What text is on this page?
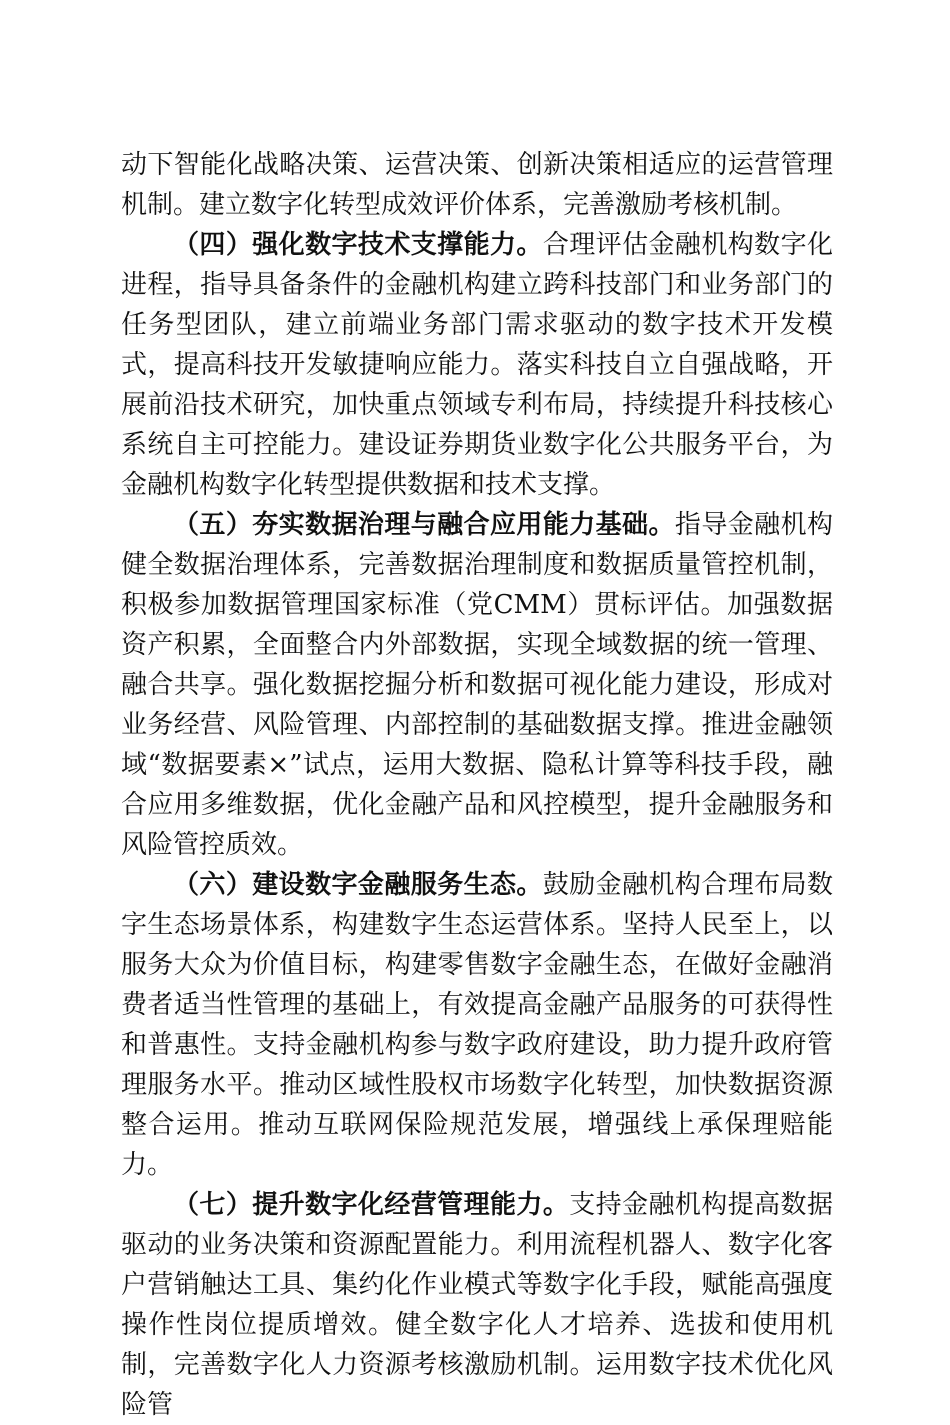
动下智能化战略决策、运营决策、创新决策相适应的运营管理机制。建立数字化转型成效评价体系，完善激励考核机制。

（四）强化数字技术支撑能力。合理评估金融机构数字化进程，指导具备条件的金融机构建立跨科技部门和业务部门的任务型团队，建立前端业务部门需求驱动的数字技术开发模式，提高科技开发敏捷响应能力。落实科技自立自强战略，开展前沿技术研究，加快重点领域专利布局，持续提升科技核心系统自主可控能力。建设证券期货业数字化公共服务平台，为金融机构数字化转型提供数据和技术支撑。

（五）夯实数据治理与融合应用能力基础。指导金融机构健全数据治理体系，完善数据治理制度和数据质量管控机制，积极参加数据管理国家标准（党CMM）贯标评估。加强数据资产积累，全面整合内外部数据，实现全域数据的统一管理、融合共享。强化数据挖掘分析和数据可视化能力建设，形成对业务经营、风险管理、内部控制的基础数据支撑。推进金融领域“数据要素×”试点，运用大数据、隐私计算等科技手段，融合应用多维数据，优化金融产品和风控模型，提升金融服务和风险管控质效。

（六）建设数字金融服务生态。鼓励金融机构合理布局数字生态场景体系，构建数字生态运营体系。坚持人民至上，以服务大众为价值目标，构建零售数字金融生态，在做好金融消费者适当性管理的基础上，有效提高金融产品服务的可获得性和普惠性。支持金融机构参与数字政府建设，助力提升政府管理服务水平。推动区域性股权市场数字化转型，加快数据资源整合运用。推动互联网保险规范发展，增强线上承保理赔能力。

（七）提升数字化经营管理能力。支持金融机构提高数据驱动的业务决策和资源配置能力。利用流程机器人、数字化客户营销触达工具、集约化作业模式等数字化手段，赋能高强度操作性岗位提质增效。健全数字化人才培养、选拔和使用机制，完善数字化人力资源考核激励机制。运用数字技术优化风险管
